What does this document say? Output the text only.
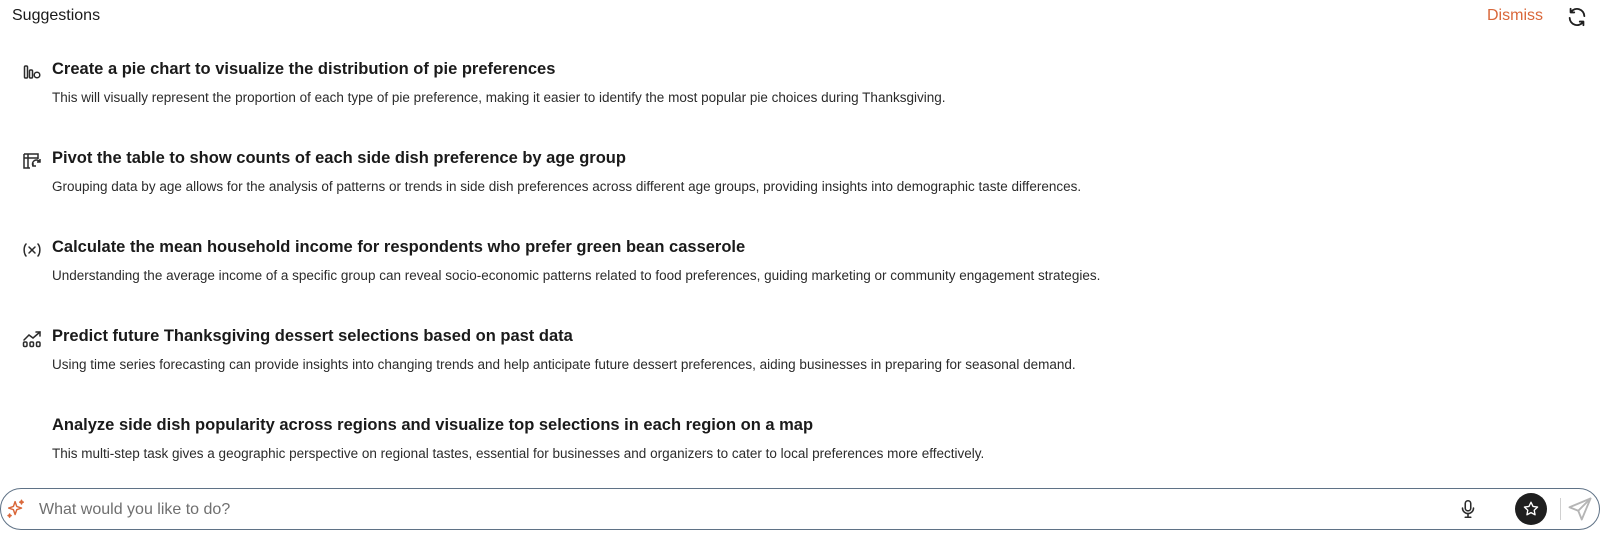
Suggestions	Dismiss
Create a pie chart to visualize the distribution of pie preferences
This will visually represent the proportion of each type of pie preference, making it easier to identify the most popular pie choices during Thanksgiving.
Pivot the table to show counts of each side dish preference by age group
Grouping data by age allows for the analysis of patterns or trends in side dish preferences across different age groups, providing insights into demographic taste differences.
Calculate the mean household income for respondents who prefer green bean casserole
Understanding the average income of a specific group can reveal socio-economic patterns related to food preferences, guiding marketing or community engagement strategies.
Predict future Thanksgiving dessert selections based on past data
Using time series forecasting can provide insights into changing trends and help anticipate future dessert preferences, aiding businesses in preparing for seasonal demand.
Analyze side dish popularity across regions and visualize top selections in each region on a map
This multi-step task gives a geographic perspective on regional tastes, essential for businesses and organizers to cater to local preferences more effectively.
What would you like to do?
